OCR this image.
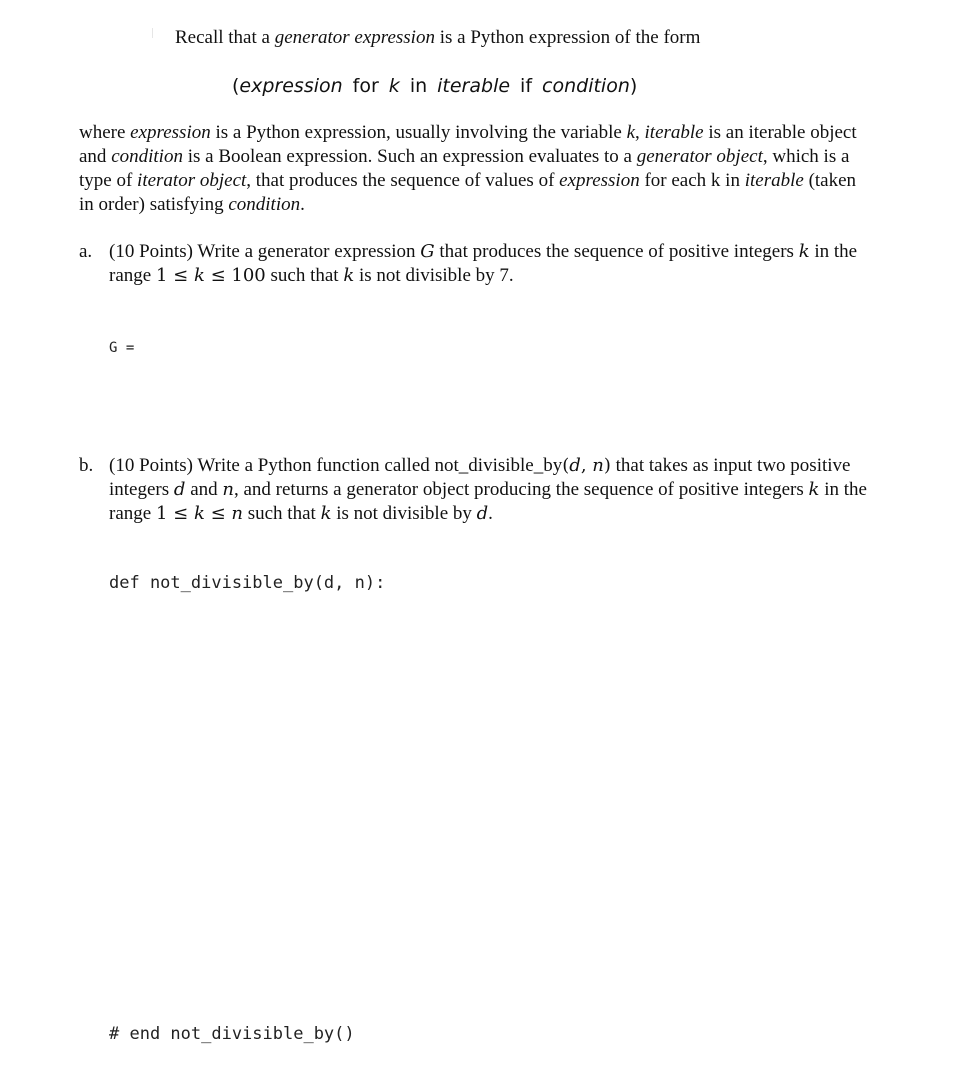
Recall that a generator expression is a Python expression of the form
(expression for k in iterable if condition)
where expression is a Python expression, usually involving the variable k, iterable is an iterable object
and condition is a Boolean expression. Such an expression evaluates to a generator object, which is a
type of iterator object, that produces the sequence of values of expression for each k in iterable (taken
in order) satisfying condition.
a. (10 Points) Write a generator expression G that produces the sequence of positive integers k in the
range 1 ≤ k ≤ 100 such that k is not divisible by 7.
G =
b. (10 Points) Write a Python function called not_divisible_by(d, n) that takes as input two positive
integers d and n, and returns a generator object producing the sequence of positive integers k in the
range 1 ≤ k ≤ n such that k is not divisible by d.
def not_divisible_by(d, n):
# end not_divisible_by()
